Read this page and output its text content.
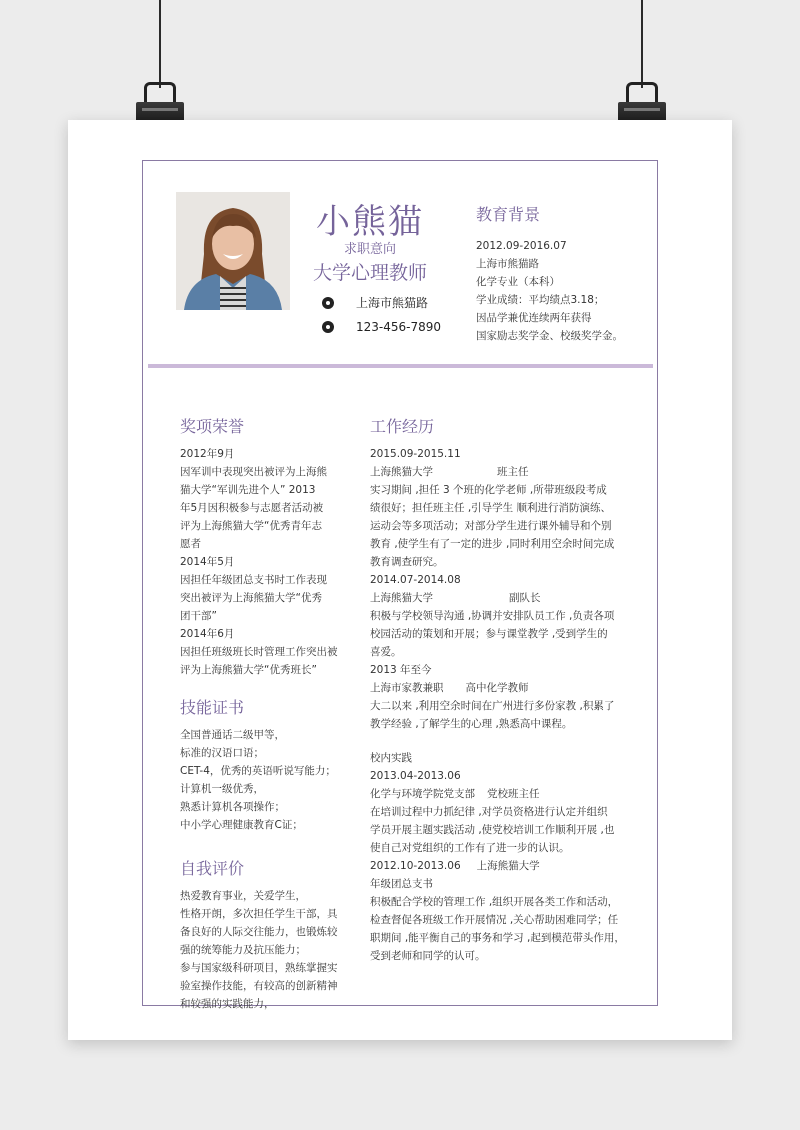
小熊猫
求职意向
大学心理教师
上海市熊猫路
123-456-7890
教育背景
2012.09-2016.07
上海市熊猫路
化学专业（本科）
学业成绩：平均绩点3.18；
因品学兼优连续两年获得
国家励志奖学金、校级奖学金。
奖项荣誉
2012年9月
因军训中表现突出被评为上海熊
猫大学“军训先进个人” 2013
年5月因积极参与志愿者活动被
评为上海熊猫大学“优秀青年志
愿者
2014年5月
因担任年级团总支书时工作表现
突出被评为上海熊猫大学“优秀
团干部”
2014年6月
因担任班级班长时管理工作突出被
评为上海熊猫大学“优秀班长”
技能证书
全国普通话二级甲等，
标准的汉语口语；
CET-4，优秀的英语听说写能力；
计算机一级优秀，
熟悉计算机各项操作；
中小学心理健康教育C证；
自我评价
热爱教育事业，关爱学生，
性格开朗，多次担任学生干部，具
备良好的人际交往能力，也锻炼较
强的统筹能力及抗压能力；
参与国家级科研项目，熟练掌握实
验室操作技能，有较高的创新精神
和较强的实践能力，
工作经历
2015.09-2015.11
上海熊猫大学	班主任
实习期间 ,担任 3 个班的化学老师 ,所带班级段考成
绩很好；担任班主任 ,引导学生 顺利进行消防演练、
运动会等多项活动；对部分学生进行课外辅导和个别
教育 ,使学生有了一定的进步 ,同时利用空余时间完成
教育调查研究。
2014.07-2014.08
上海熊猫大学	副队长
积极与学校领导沟通 ,协调并安排队员工作 ,负责各项
校园活动的策划和开展；参与课堂教学 ,受到学生的
喜爱。
2013 年至今
上海市家教兼职 高中化学教师
大二以来 ,利用空余时间在广州进行多份家教 ,积累了
教学经验 ,了解学生的心理 ,熟悉高中课程。
校内实践
2013.04-2013.06
化学与环境学院党支部 党校班主任
在培训过程中力抓纪律 ,对学员资格进行认定并组织
学员开展主题实践活动 ,使党校培训工作顺利开展 ,也
使自己对党组织的工作有了进一步的认识。
2012.10-2013.06 上海熊猫大学
年级团总支书
积极配合学校的管理工作 ,组织开展各类工作和活动，
检查督促各班级工作开展情况 ,关心帮助困难同学；任
职期间 ,能平衡自己的事务和学习 ,起到模范带头作用，
受到老师和同学的认可。
